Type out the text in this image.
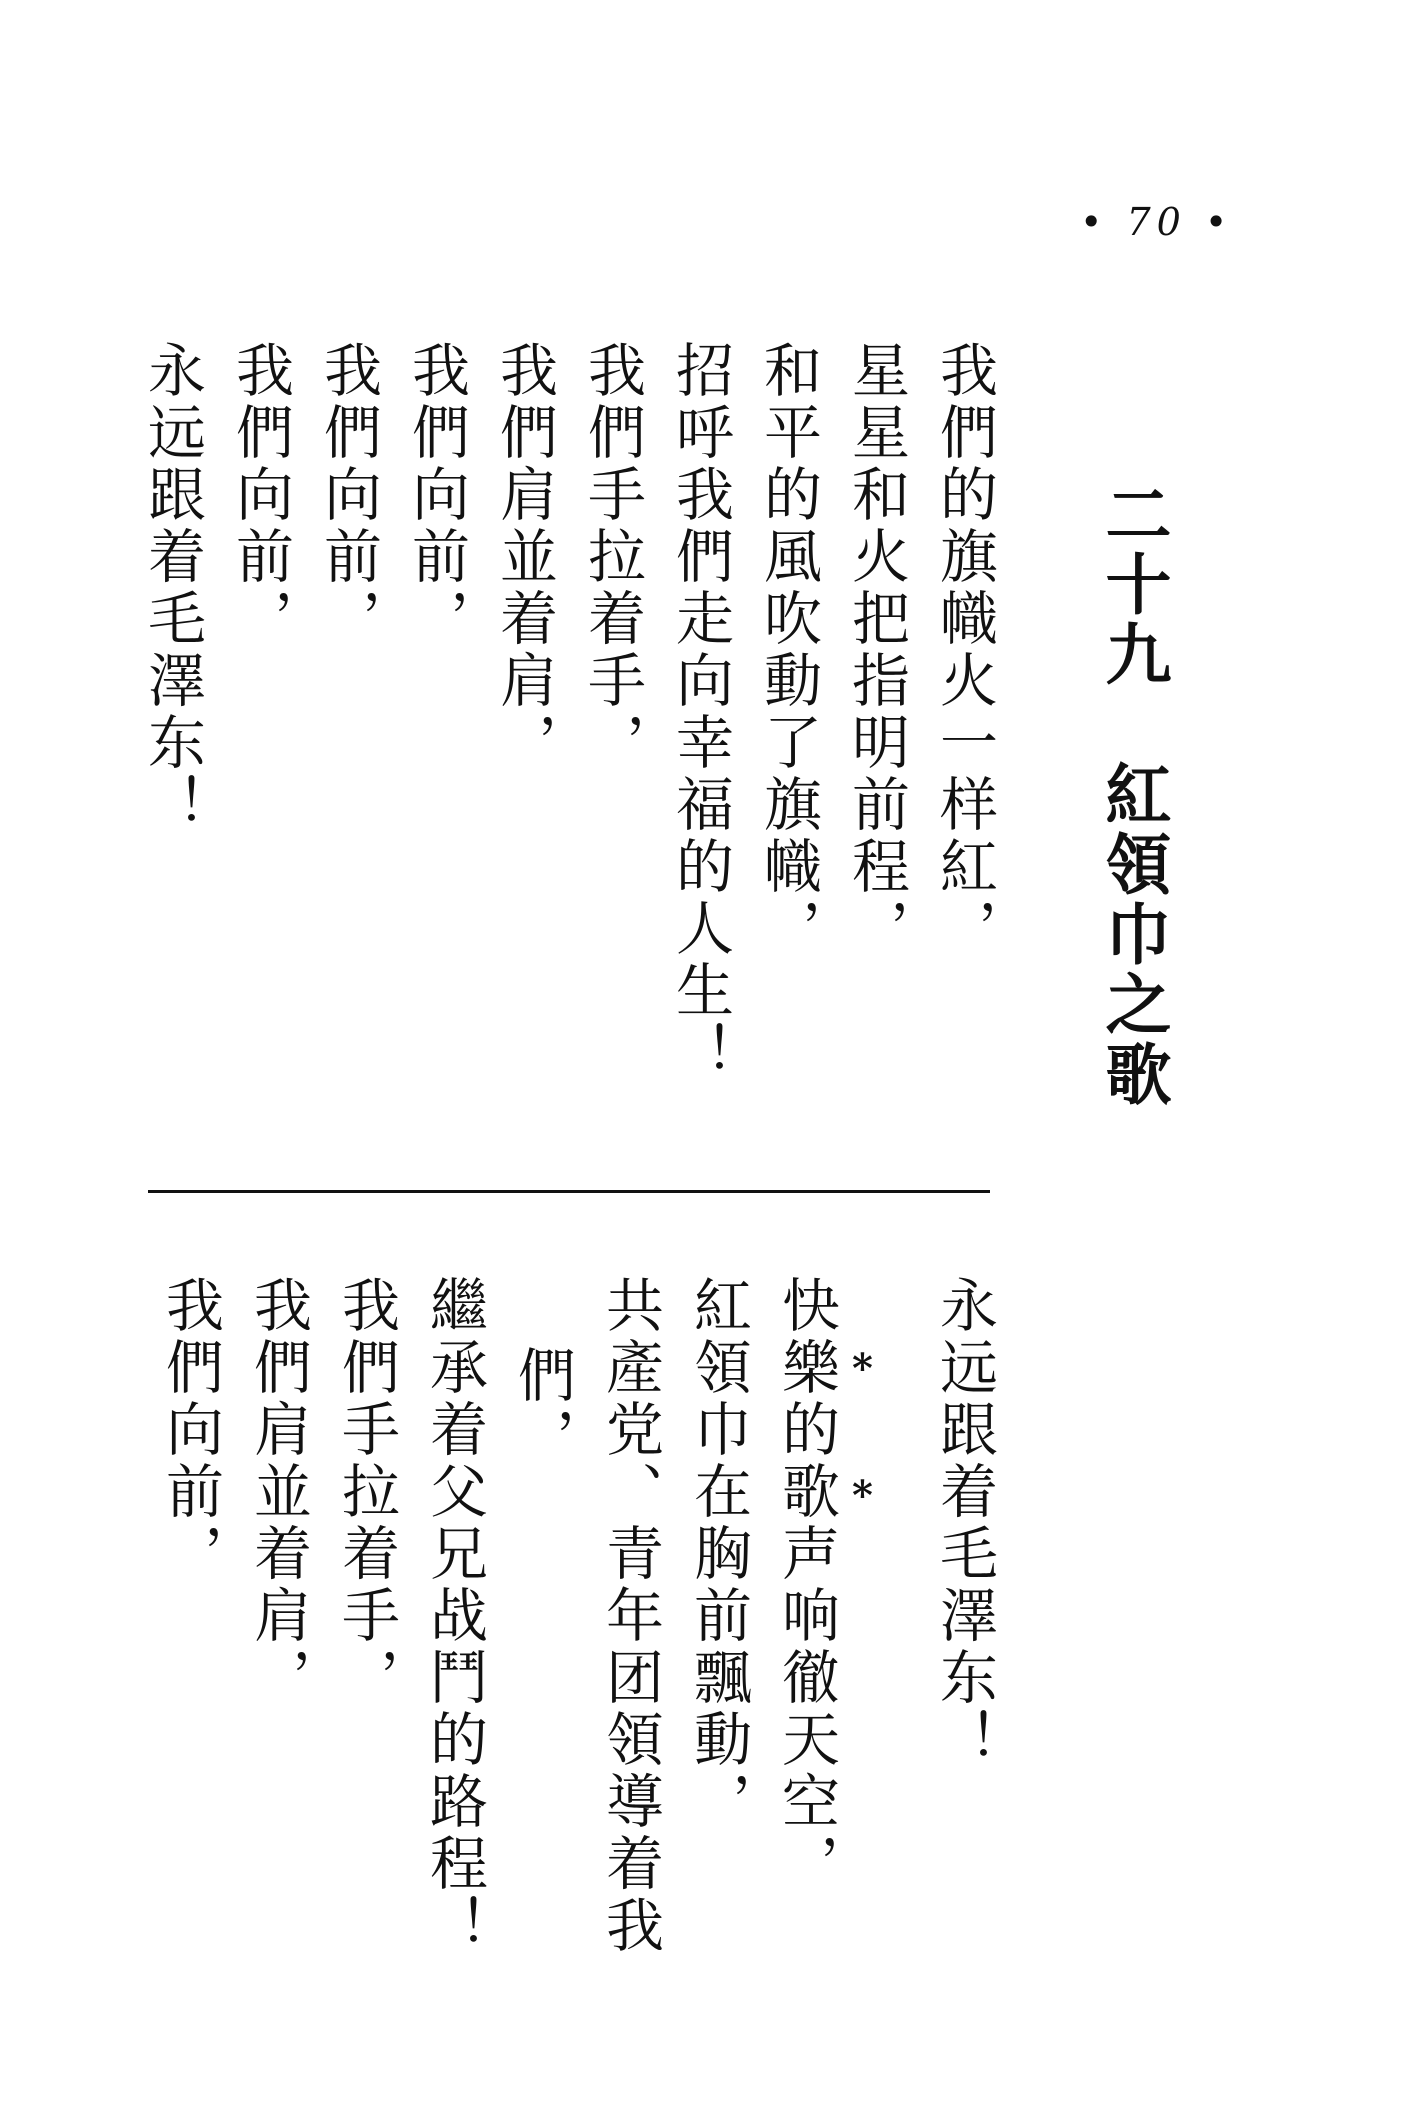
• 70 •
二十九紅領巾之歌
我們的旗幟火一样紅，
星星和火把指明前程，
和平的風吹動了旗幟，
招呼我們走向幸福的人生！
我們手拉着手，
我們肩並着肩，
我們向前，
我們向前，
我們向前，
永远跟着毛澤东！
永远跟着毛澤东！
*
*
快樂的歌声响徹天空，
紅領巾在胸前飄動，
共產党、青年团領導着我
們，
繼承着父兄战鬥的路程！
我們手拉着手，
我們肩並着肩，
我們向前，
